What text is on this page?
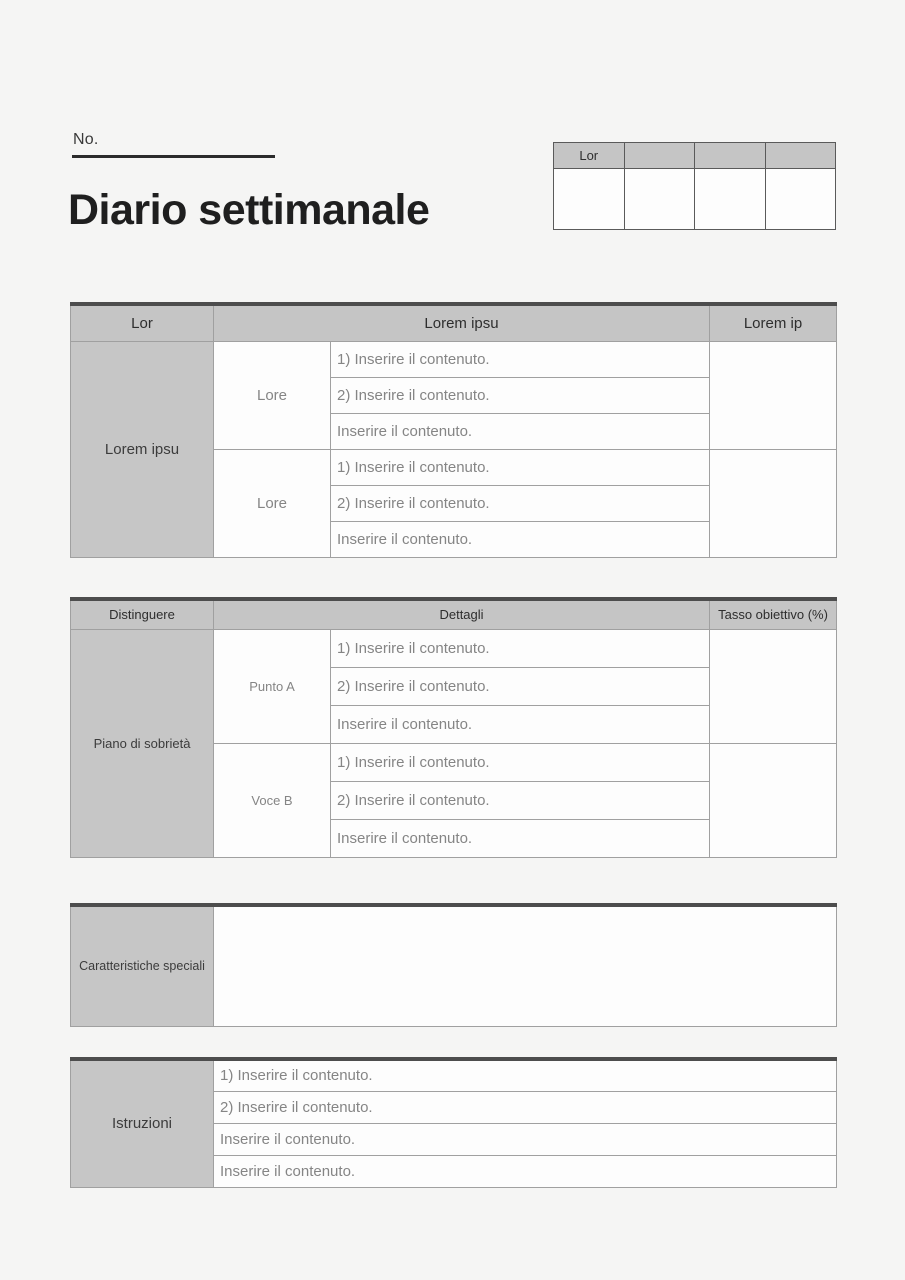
No.
Diario settimanale
Lor			

Lor	Lorem ipsu		Lorem ip
Lorem ipsu	Lore	1) Inserire il contenuto.	
		2) Inserire il contenuto.	
		Inserire il contenuto.	
	Lore	1) Inserire il contenuto.	
		2) Inserire il contenuto.	
		Inserire il contenuto.	
Distinguere	Dettagli		Tasso obiettivo (%)
Piano di sobrietà	Punto A	1) Inserire il contenuto.	
		2) Inserire il contenuto.	
		Inserire il contenuto.	
	Voce B	1) Inserire il contenuto.	
		2) Inserire il contenuto.	
		Inserire il contenuto.	
Caratteristiche speciali	
Istruzioni	1) Inserire il contenuto.
2) Inserire il contenuto.
Inserire il contenuto.
Inserire il contenuto.
